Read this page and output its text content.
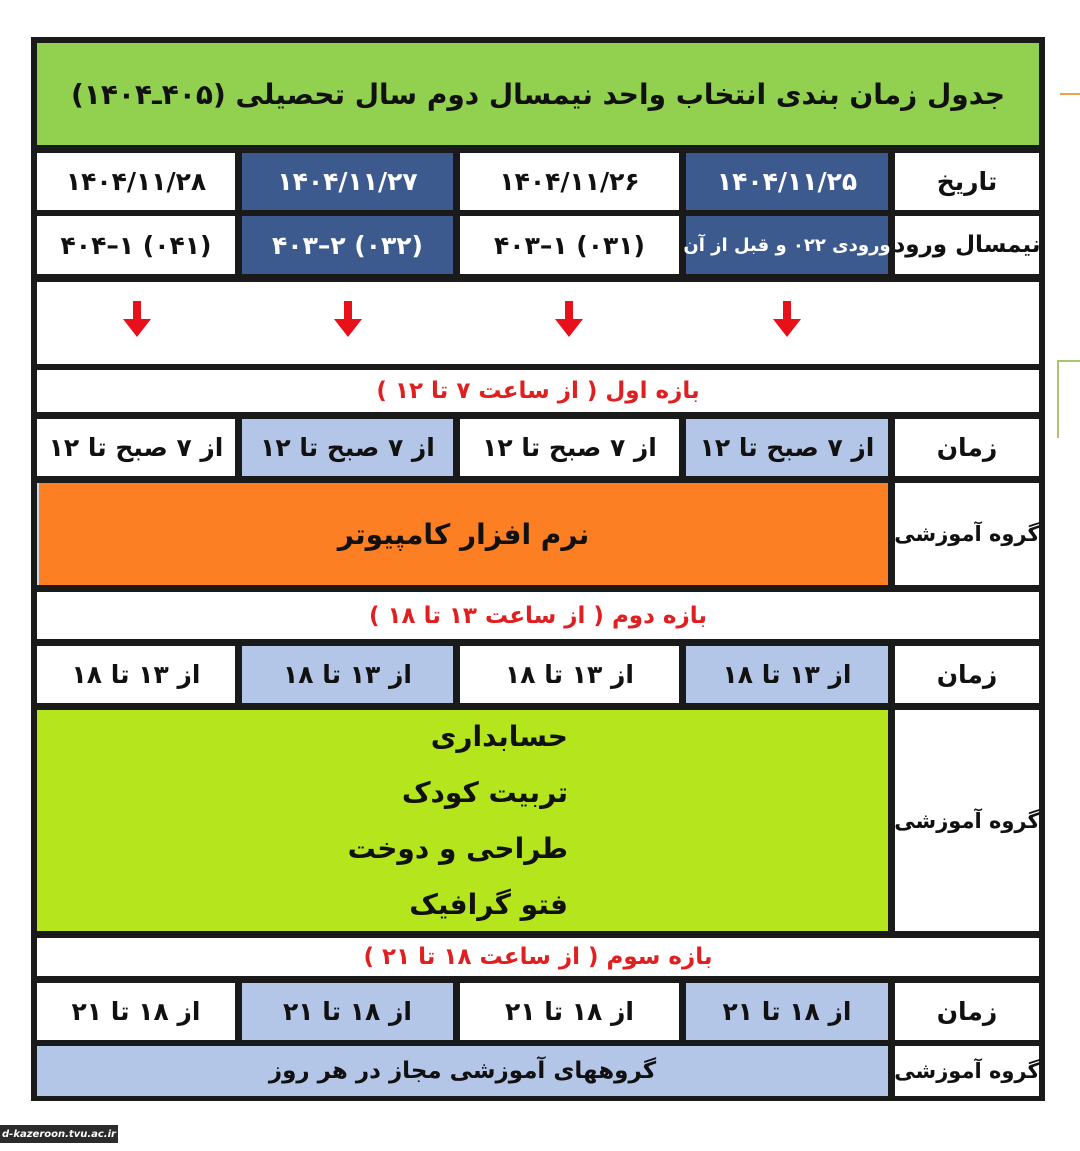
جدول زمان بندی انتخاب واحد نیمسال دوم سال تحصیلی (۴۰۵ـ۱۴۰۴)
تاریخ
۱۴۰۴/۱۱/۲۵
۱۴۰۴/۱۱/۲۶
۱۴۰۴/۱۱/۲۷
۱۴۰۴/۱۱/۲۸
نیمسال ورود
ورودی ۰۲۲ و قبل از آن
(۰۳۱) ۱–۴۰۳
(۰۳۲) ۲–۴۰۳
(۰۴۱) ۱–۴۰۴
بازه اول ( از ساعت ۷ تا ۱۲ )
زمان
از ۷ صبح تا ۱۲
از ۷ صبح تا ۱۲
از ۷ صبح تا ۱۲
از ۷ صبح تا ۱۲
گروه آموزشی
نرم افزار کامپیوتر
بازه دوم ( از ساعت ۱۳ تا ۱۸ )
زمان
از ۱۳ تا ۱۸
از ۱۳ تا ۱۸
از ۱۳ تا ۱۸
از ۱۳ تا ۱۸
گروه آموزشی
حسابداری
تربیت کودک
طراحی و دوخت
فتو گرافیک
بازه سوم ( از ساعت ۱۸ تا ۲۱ )
زمان
از ۱۸ تا ۲۱
از ۱۸ تا ۲۱
از ۱۸ تا ۲۱
از ۱۸ تا ۲۱
گروه آموزشی
گروههای آموزشی مجاز در هر روز
d-kazeroon.tvu.ac.ir
